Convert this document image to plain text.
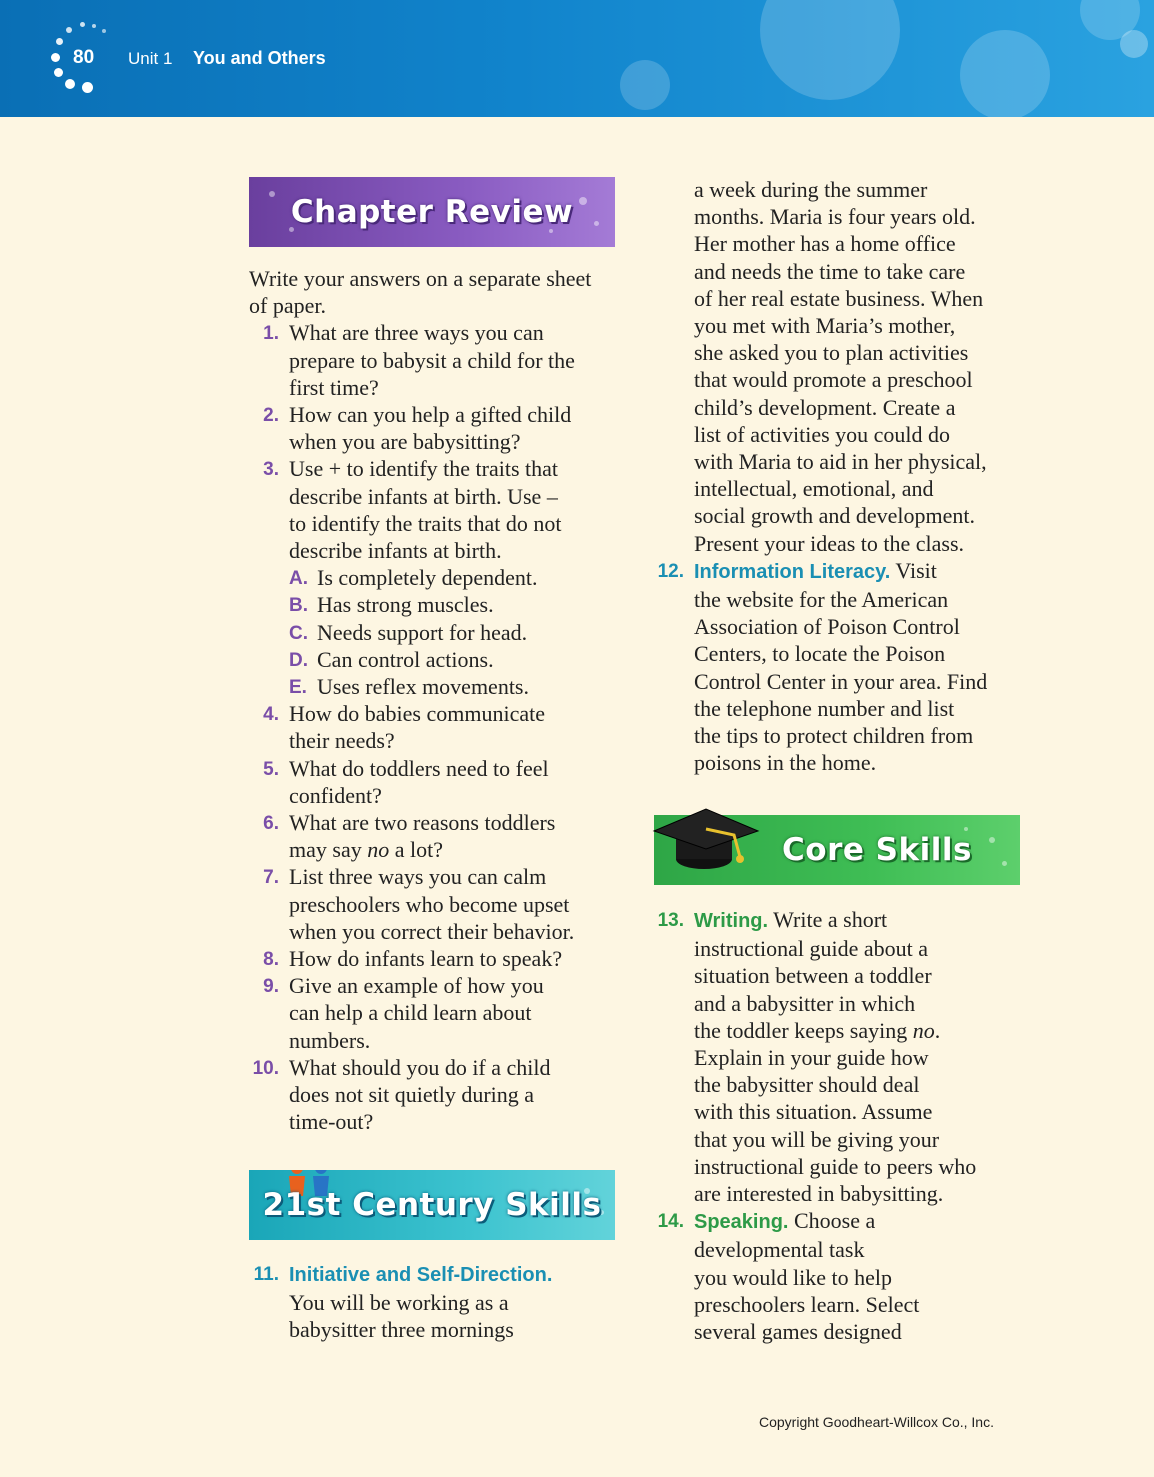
80 Unit 1 You and Others
Chapter Review

Write your answers on a separate sheet of paper.

1. What are three ways you can
prepare to babysit a child for the
first time?
2. How can you help a gifted child
when you are babysitting?
3. Use + to identify the traits that
describe infants at birth. Use –
to identify the traits that do not
describe infants at birth.
A. Is completely dependent.
B. Has strong muscles.
C. Needs support for head.
D. Can control actions.
E. Uses reflex movements.
4. How do babies communicate
their needs?
5. What do toddlers need to feel
confident?
6. What are two reasons toddlers
may say no a lot?
7. List three ways you can calm
preschoolers who become upset
when you correct their behavior.
8. How do infants learn to speak?
9. Give an example of how you
can help a child learn about
numbers.
10. What should you do if a child
does not sit quietly during a
time-out?
21st Century Skills
11. Initiative and Self-Direction.
You will be working as a
babysitter three mornings
a week during the summer
months. Maria is four years old.
Her mother has a home office
and needs the time to take care
of her real estate business. When
you met with Maria’s mother,
she asked you to plan activities
that would promote a preschool
child’s development. Create a
list of activities you could do
with Maria to aid in her physical,
intellectual, emotional, and
social growth and development.
Present your ideas to the class.
12. Information Literacy. Visit
the website for the American
Association of Poison Control
Centers, to locate the Poison
Control Center in your area. Find
the telephone number and list
the tips to protect children from
poisons in the home.
Core Skills
13. Writing. Write a short
instructional guide about a
situation between a toddler
and a babysitter in which
the toddler keeps saying no.
Explain in your guide how
the babysitter should deal
with this situation. Assume
that you will be giving your
instructional guide to peers who
are interested in babysitting.
14. Speaking. Choose a
developmental task
you would like to help
preschoolers learn. Select
several games designed
Copyright Goodheart-Willcox Co., Inc.
